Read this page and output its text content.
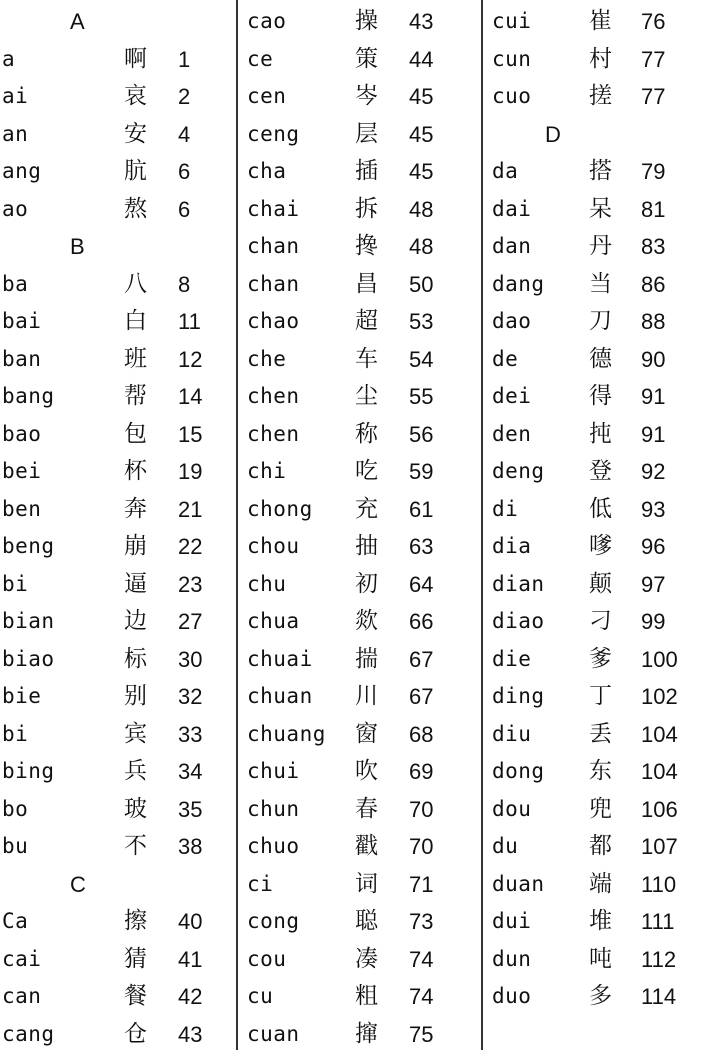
A
a	啊 1
ai	哀 2
an	安 4
ang	肮 6
ao	熬 6
B
ba	八 8
bai	白 11
ban	班 12
bang	帮 14
bao	包 15
bei	杯 19
ben	奔 21
beng	崩 22
bi	逼 23
bian	边 27
biao	标 30
bie	别 32
bi	宾 33
bing	兵 34
bo	玻 35
bu	不 38
C
Ca	擦 40
cai	猜 41
can	餐 42
cang	仓 43
cao	操 43
ce	策 44
cen	岑 45
ceng 层 45
cha	插 45
chai 拆 48
chan 搀 48
chan 昌 50
chao 超 53
che	车 54
chen 尘 55
chen 称 56
chi	吃 59
chong 充 61
chou 抽 63
chu	初 64
chua 欻 66
chuai 揣 67
chuan 川 67
chuang 窗 68
chui 吹 69
chun 春 70
chuo 戳 70
ci	词 71
cong 聪 73
cou	凑 74
cu	粗 74
cuan 撺 75
cui	崔 76
cun	村 77
cuo	搓 77
D
da	搭 79
dai	呆 81
dan	丹 83
dang 当 86
dao	刀 88
de	德 90
dei	得 91
den	扽 91
deng 登 92
di	低 93
dia	嗲 96
dian 颠 97
diao 刁 99
die	爹 100
ding 丁 102
diu	丢 104
dong 东 104
dou	兜 106
du	都 107
duan 端 110
dui	堆 111
dun	吨 112
duo	多 114
